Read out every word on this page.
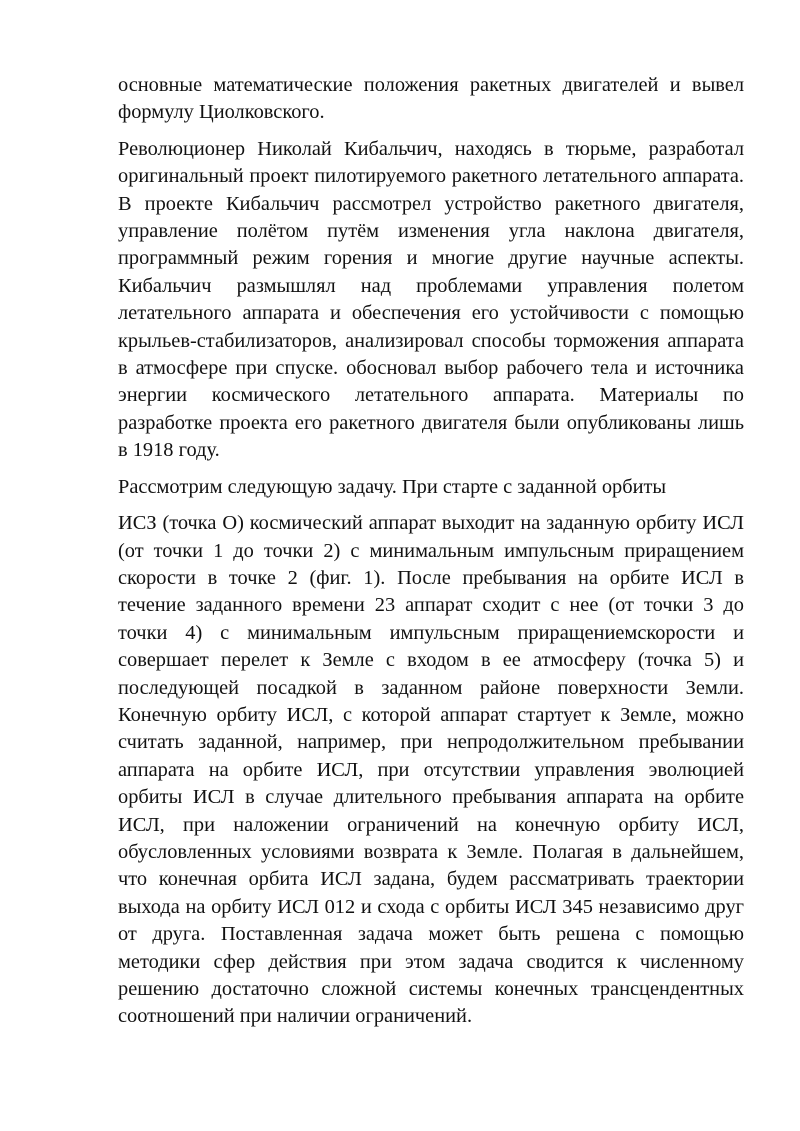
основные математические положения ракетных двигателей и вывел формулу Циолковского.

Революционер Николай Кибальчич, находясь в тюрьме, разработал оригинальный проект пилотируемого ракетного летательного аппарата. В проекте Кибальчич рассмотрел устройство ракетного двигателя, управление полётом путём изменения угла наклона двигателя, программный режим горения и многие другие научные аспекты. Кибальчич размышлял над проблемами управления полетом летательного аппарата и обеспечения его устойчивости с помощью крыльев-стабилизаторов, анализировал способы торможения аппарата в атмосфере при спуске. обосновал выбор рабочего тела и источника энергии космического летательного аппарата. Материалы по разработке проекта его ракетного двигателя были опубликованы лишь в 1918 году.

Рассмотрим следующую задачу. При старте с заданной орбиты

ИСЗ (точка О) космический аппарат выходит на заданную орбиту ИСЛ (от точки 1 до точки 2) с минимальным импульсным приращением скорости в точке 2 (фиг. 1). После пребывания на орбите ИСЛ в течение заданного времени 23 аппарат сходит с нее (от точки 3 до точки 4) с минимальным импульсным приращениемскорости и совершает перелет к Земле с входом в ее атмосферу (точка 5) и последующей посадкой в заданном районе поверхности Земли. Конечную орбиту ИСЛ, с которой аппарат стартует к Земле, можно считать заданной, например, при непродолжительном пребывании аппарата на орбите ИСЛ, при отсутствии управления эволюцией орбиты ИСЛ в случае длительного пребывания аппарата на орбите ИСЛ, при наложении ограничений на конечную орбиту ИСЛ, обусловленных условиями возврата к Земле. Полагая в дальнейшем, что конечная орбита ИСЛ задана, будем рассматривать траектории выхода на орбиту ИСЛ 012 и схода с орбиты ИСЛ 345 независимо друг от друга. Поставленная задача может быть решена с помощью методики сфер действия при этом задача сводится к численному решению достаточно сложной системы конечных трансцендентных соотношений при наличии ограничений.
